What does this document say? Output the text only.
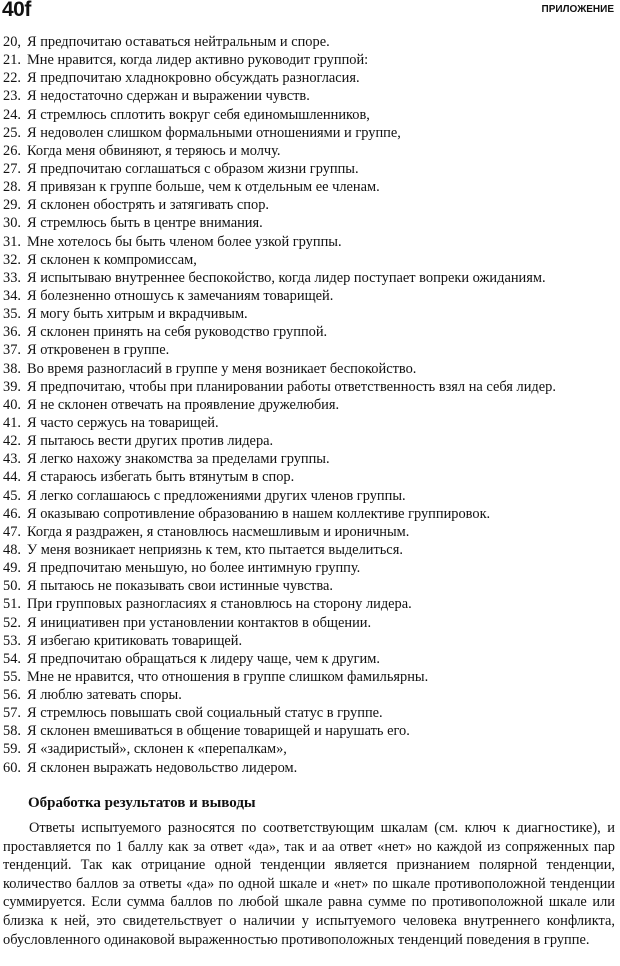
40f	ПРИЛОЖЕНИЕ
20, Я предпочитаю оставаться нейтральным и споре.
21. Мне нравится, когда лидер активно руководит группой:
22. Я предпочитаю хладнокровно обсуждать разногласия.
23. Я недостаточно сдержан и выражении чувств.
24. Я стремлюсь сплотить вокруг себя единомышленников,
25. Я недоволен слишком формальными отношениями и группе,
26. Когда меня обвиняют, я теряюсь и молчу.
27. Я предпочитаю соглашаться с образом жизни группы.
28. Я привязан к группе больше, чем к отдельным ее членам.
29. Я склонен обострять и затягивать спор.
30. Я стремлюсь быть в центре внимания.
31. Мне хотелось бы быть членом более узкой группы.
32. Я склонен к компромиссам,
33. Я испытываю внутреннее беспокойство, когда лидер поступает вопреки ожиданиям.
34. Я болезненно отношусь к замечаниям товарищей.
35. Я могу быть хитрым и вкрадчивым.
36. Я склонен принять на себя руководство группой.
37. Я откровенен в группе.
38. Во время разногласий в группе у меня возникает беспокойство.
39. Я предпочитаю, чтобы при планировании работы ответственность взял на себя лидер.
40. Я не склонен отвечать на проявление дружелюбия.
41. Я часто сержусь на товарищей.
42. Я пытаюсь вести других против лидера.
43. Я легко нахожу знакомства за пределами группы.
44. Я стараюсь избегать быть втянутым в спор.
45. Я легко соглашаюсь с предложениями других членов группы.
46. Я оказываю сопротивление образованию в нашем коллективе группировок.
47. Когда я раздражен, я становлюсь насмешливым и ироничным.
48. У меня возникает неприязнь к тем, кто пытается выделиться.
49. Я предпочитаю меньшую, но более интимную группу.
50. Я пытаюсь не показывать свои истинные чувства.
51. При групповых разногласиях я становлюсь на сторону лидера.
52. Я инициативен при установлении контактов в общении.
53. Я избегаю критиковать товарищей.
54. Я предпочитаю обращаться к лидеру чаще, чем к другим.
55. Мне не нравится, что отношения в группе слишком фамильярны.
56. Я люблю затевать споры.
57. Я стремлюсь повышать свой социальный статус в группе.
58. Я склонен вмешиваться в общение товарищей и нарушать его.
59. Я «задиристый», склонен к «перепалкам»,
60. Я склонен выражать недовольство лидером.
Обработка результатов и выводы

Ответы испытуемого разносятся по соответствующим шкалам (см. ключ к диагностике), и проставляется по 1 баллу как за ответ «да», так и аа ответ «нет» но каждой из сопряженных пар тенденций. Так как отрицание одной тенденции является признанием полярной тенденции, количество баллов за ответы «да» по одной шкале и «нет» по шкале противоположной тенденции суммируется. Если сумма баллов по любой шкале равна сумме по противоположной шкале или близка к ней, это свидетельствует о наличии у испытуемого человека внутреннего конфликта, обусловленного одинаковой выраженностью противоположных тенденций поведения в группе.
